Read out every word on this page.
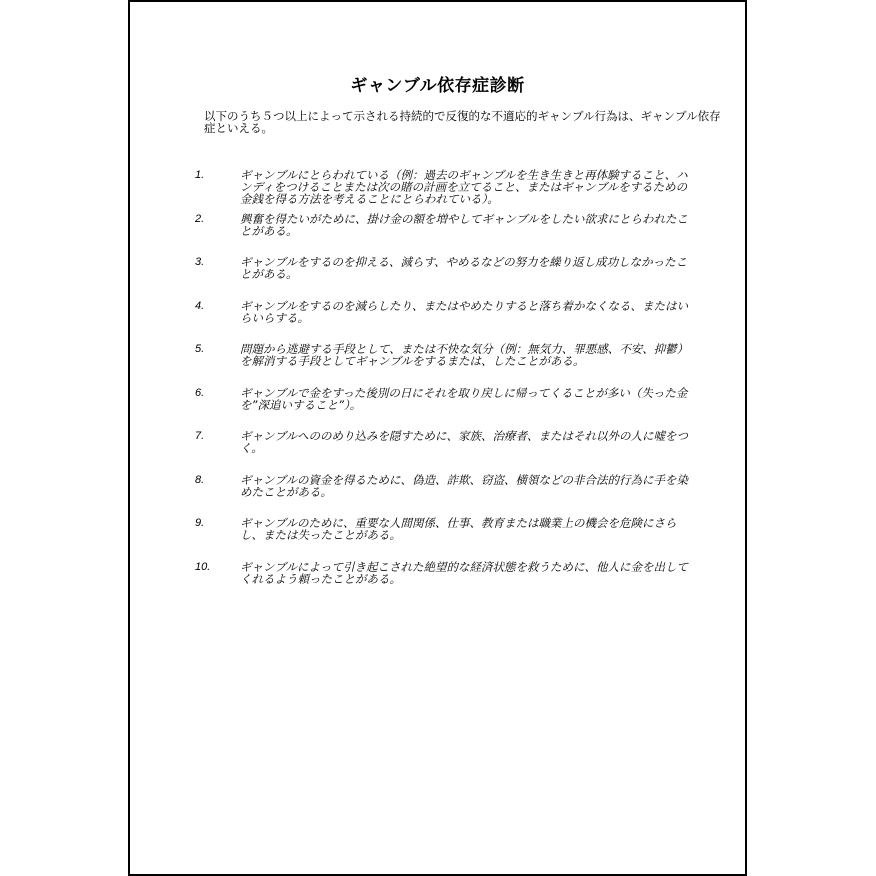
ギャンブル依存症診断

以下のうち５つ以上によって示される持続的で反復的な不適応的ギャンブル行為は、ギャンブル依存症といえる。

1.	ギャンブルにとらわれている（例：過去のギャンブルを生き生きと再体験すること、ハンディをつけることまたは次の賭の計画を立てること、またはギャンブルをするための金銭を得る方法を考えることにとらわれている）。
2.	興奮を得たいがために、掛け金の額を増やしてギャンブルをしたい欲求にとらわれたことがある。
3.	ギャンブルをするのを抑える、減らす、やめるなどの努力を繰り返し成功しなかったことがある。
4.	ギャンブルをするのを減らしたり、またはやめたりすると落ち着かなくなる、またはいらいらする。
5.	問題から逃避する手段として、または不快な気分（例：無気力、罪悪感、不安、抑鬱）を解消する手段としてギャンブルをするまたは、したことがある。
6.	ギャンブルで金をすった後別の日にそれを取り戻しに帰ってくることが多い（失った金を”深追いすること”）。
7.	ギャンブルへののめり込みを隠すために、家族、治療者、またはそれ以外の人に嘘をつく。
8.	ギャンブルの資金を得るために、偽造、詐欺、窃盗、横領などの非合法的行為に手を染めたことがある。
9.	ギャンブルのために、重要な人間関係、仕事、教育または職業上の機会を危険にさらし、または失ったことがある。
10.	ギャンブルによって引き起こされた絶望的な経済状態を救うために、他人に金を出してくれるよう頼ったことがある。
